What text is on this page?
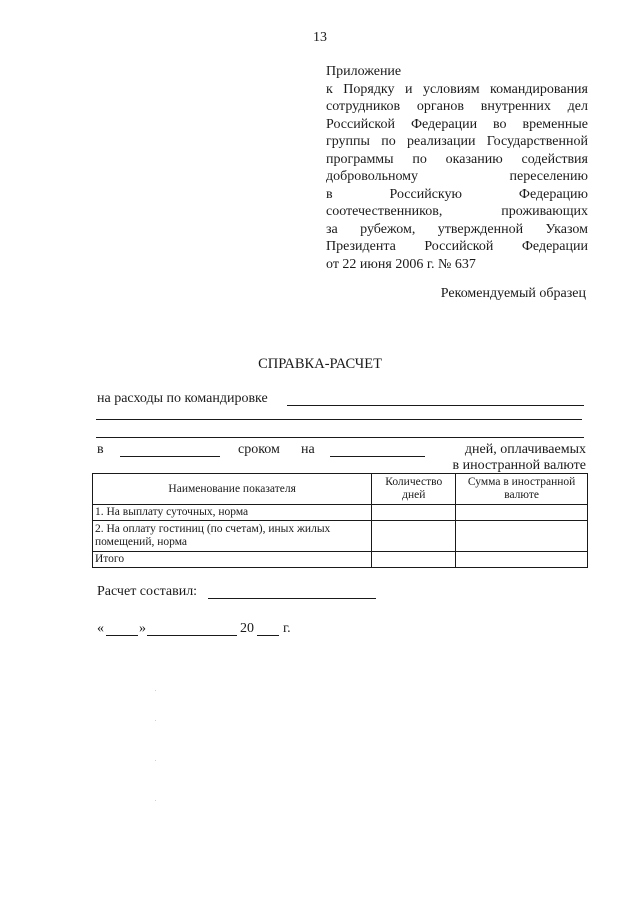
13
Приложение
к Порядку и условиям командирования
сотрудников органов внутренних дел
Российской Федерации во временные
группы по реализации Государственной
программы по оказанию содействия
добровольному переселению
в Российскую Федерацию
соотечественников, проживающих
за рубежом, утвержденной Указом
Президента Российской Федерации
от 22 июня 2006 г. № 637
Рекомендуемый образец
СПРАВКА-РАСЧЕТ
на расходы по командировке
в	сроком на	дней, оплачиваемых
в иностранной валюте
Наименование показателя	Количество дней	Сумма в иностранной валюте
1. На выплату суточных, норма		
2. На оплату гостиниц (по счетам), иных жилых помещений, норма		
Итого		
Расчет составил:
«	»	20 г.
